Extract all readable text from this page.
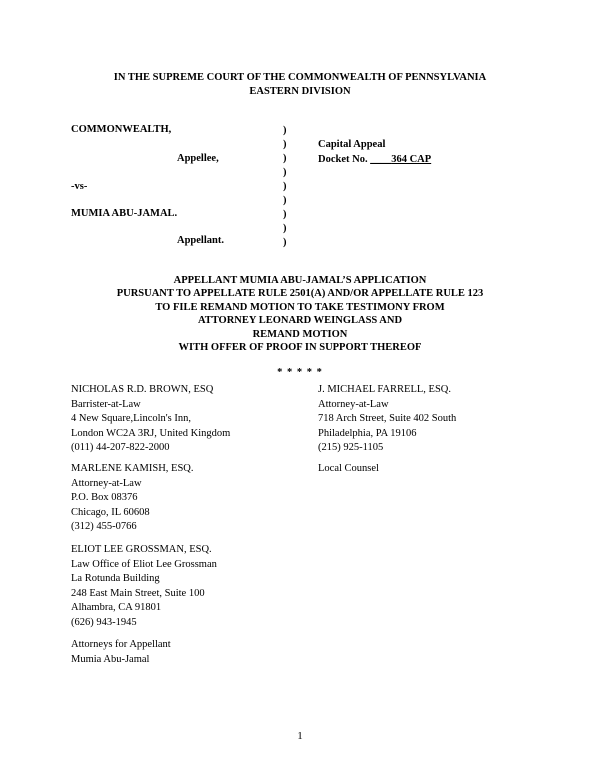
IN THE SUPREME COURT OF THE COMMONWEALTH OF PENNSYLVANIA
EASTERN DIVISION
COMMONWEALTH,
Appellee,
-vs-
MUMIA ABU-JAMAL.
Appellant.
)
)
)
)
)
)
)
)
)
Capital Appeal
Docket No. ____364 CAP
APPELLANT MUMIA ABU-JAMAL’S APPLICATION
PURSUANT TO APPELLATE RULE 2501(A) AND/OR APPELLATE RULE 123
TO FILE REMAND MOTION TO TAKE TESTIMONY FROM
ATTORNEY LEONARD WEINGLASS AND
REMAND MOTION
WITH OFFER OF PROOF IN SUPPORT THEREOF
* * * * *
NICHOLAS R.D. BROWN, ESQ
Barrister-at-Law
4 New Square,Lincoln's Inn,
London WC2A 3RJ, United Kingdom
(011) 44-207-822-2000
MARLENE KAMISH, ESQ.
Attorney-at-Law
P.O. Box 08376
Chicago, IL 60608
(312) 455-0766
ELIOT LEE GROSSMAN, ESQ.
Law Office of Eliot Lee Grossman
La Rotunda Building
248 East Main Street, Suite 100
Alhambra, CA 91801
(626) 943-1945
Attorneys for Appellant
Mumia Abu-Jamal
J. MICHAEL FARRELL, ESQ.
Attorney-at-Law
718 Arch Street, Suite 402 South
Philadelphia, PA 19106
(215) 925-1105
Local Counsel
1
